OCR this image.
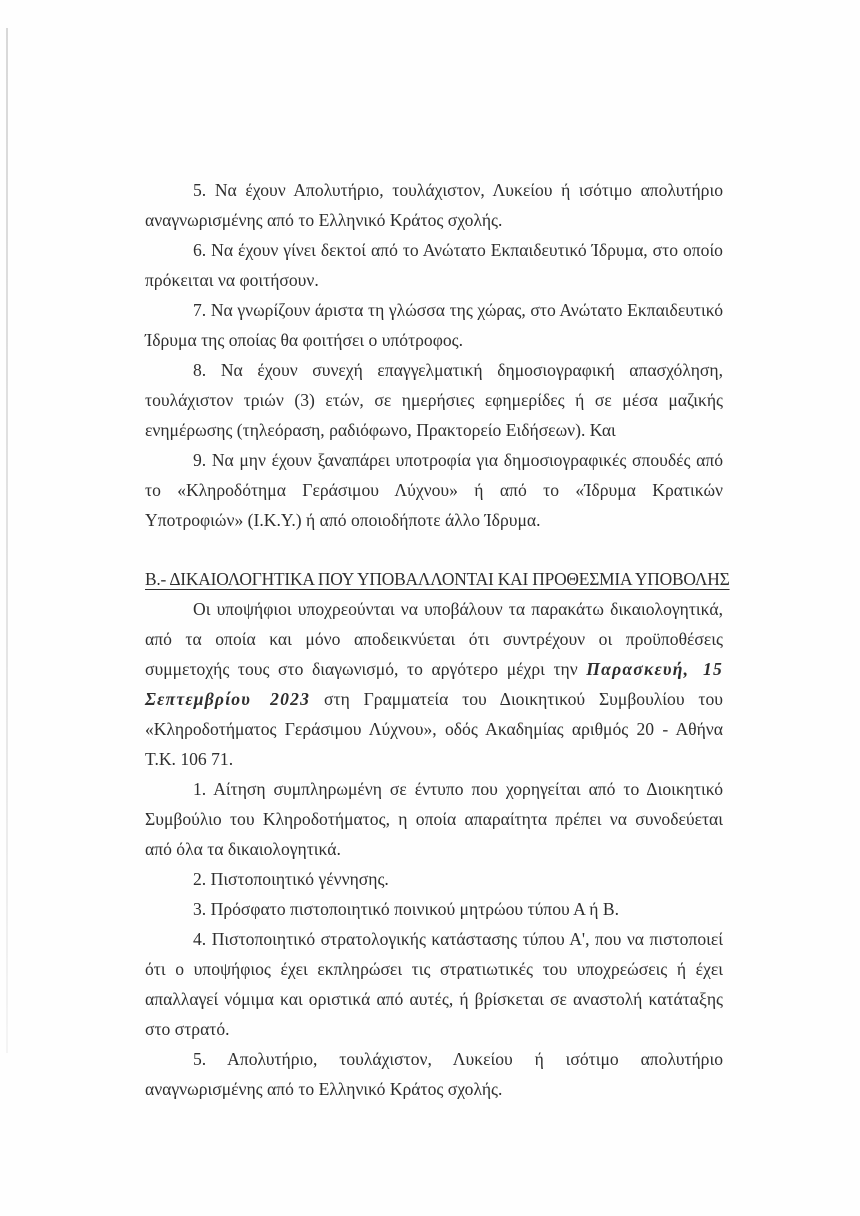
5. Να έχουν Απολυτήριο, τουλάχιστον, Λυκείου ή ισότιμο απολυτήριο αναγνωρισμένης από το Ελληνικό Κράτος σχολής.

6. Να έχουν γίνει δεκτοί από το Ανώτατο Εκπαιδευτικό Ίδρυμα, στο οποίο πρόκειται να φοιτήσουν.

7. Να γνωρίζουν άριστα τη γλώσσα της χώρας, στο Ανώτατο Εκπαιδευτικό Ίδρυμα της οποίας θα φοιτήσει ο υπότροφος.

8. Να έχουν συνεχή επαγγελματική δημοσιογραφική απασχόληση, τουλάχιστον τριών (3) ετών, σε ημερήσιες εφημερίδες ή σε μέσα μαζικής ενημέρωσης (τηλεόραση, ραδιόφωνο, Πρακτορείο Ειδήσεων). Και

9. Να μην έχουν ξαναπάρει υποτροφία για δημοσιογραφικές σπουδές από το «Κληροδότημα Γεράσιμου Λύχνου» ή από το «Ίδρυμα Κρατικών Υποτροφιών» (Ι.Κ.Υ.) ή από οποιοδήποτε άλλο Ίδρυμα.

Β.- ΔΙΚΑΙΟΛΟΓΗΤΙΚΑ ΠΟΥ ΥΠΟΒΑΛΛΟΝΤΑΙ ΚΑΙ ΠΡΟΘΕΣΜΙΑ ΥΠΟΒΟΛΗΣ

Οι υποψήφιοι υποχρεούνται να υποβάλουν τα παρακάτω δικαιολογητικά, από τα οποία και μόνο αποδεικνύεται ότι συντρέχουν οι προϋποθέσεις συμμετοχής τους στο διαγωνισμό, το αργότερο μέχρι την Παρασκευή, 15 Σεπτεμβρίου 2023 στη Γραμματεία του Διοικητικού Συμβουλίου του «Κληροδοτήματος Γεράσιμου Λύχνου», οδός Ακαδημίας αριθμός 20 - Αθήνα Τ.Κ. 106 71.

1. Αίτηση συμπληρωμένη σε έντυπο που χορηγείται από το Διοικητικό Συμβούλιο του Κληροδοτήματος, η οποία απαραίτητα πρέπει να συνοδεύεται από όλα τα δικαιολογητικά.

2. Πιστοποιητικό γέννησης.

3. Πρόσφατο πιστοποιητικό ποινικού μητρώου τύπου Α ή Β.

4. Πιστοποιητικό στρατολογικής κατάστασης τύπου Α', που να πιστοποιεί ότι ο υποψήφιος έχει εκπληρώσει τις στρατιωτικές του υποχρεώσεις ή έχει απαλλαγεί νόμιμα και οριστικά από αυτές, ή βρίσκεται σε αναστολή κατάταξης στο στρατό.

5. Απολυτήριο, τουλάχιστον, Λυκείου ή ισότιμο απολυτήριο αναγνωρισμένης από το Ελληνικό Κράτος σχολής.
